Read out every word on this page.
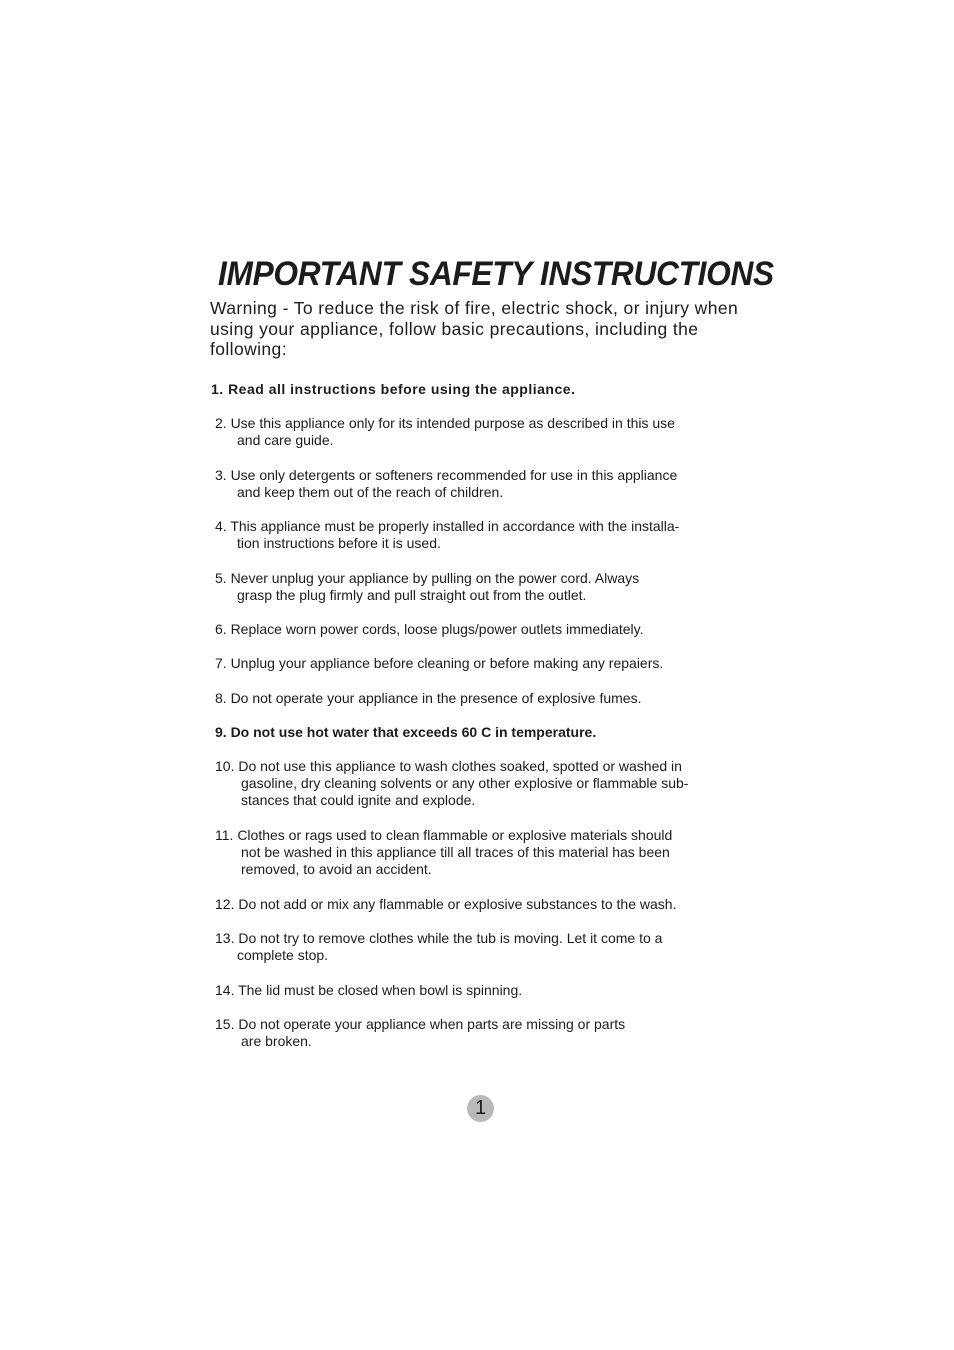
IMPORTANT SAFETY INSTRUCTIONS

Warning - To reduce the risk of fire, electric shock, or injury when using your appliance, follow basic precautions, including the following:

1. Read all instructions before using the appliance.
2. Use this appliance only for its intended purpose as described in this use
and care guide.
3. Use only detergents or softeners recommended for use in this appliance
and keep them out of the reach of children.
4. This appliance must be properly installed in accordance with the installa-
tion instructions before it is used.
5. Never unplug your appliance by pulling on the power cord. Always
grasp the plug firmly and pull straight out from the outlet.
6. Replace worn power cords, loose plugs/power outlets immediately.
7. Unplug your appliance before cleaning or before making any repaiers.
8. Do not operate your appliance in the presence of explosive fumes.
9. Do not use hot water that exceeds 60 C in temperature.
10. Do not use this appliance to wash clothes soaked, spotted or washed in
gasoline, dry cleaning solvents or any other explosive or flammable sub-
stances that could ignite and explode.
11. Clothes or rags used to clean flammable or explosive materials should
not be washed in this appliance till all traces of this material has been
removed, to avoid an accident.
12. Do not add or mix any flammable or explosive substances to the wash.
13. Do not try to remove clothes while the tub is moving. Let it come to a
complete stop.
14. The lid must be closed when bowl is spinning.
15. Do not operate your appliance when parts are missing or parts
are broken.
1
